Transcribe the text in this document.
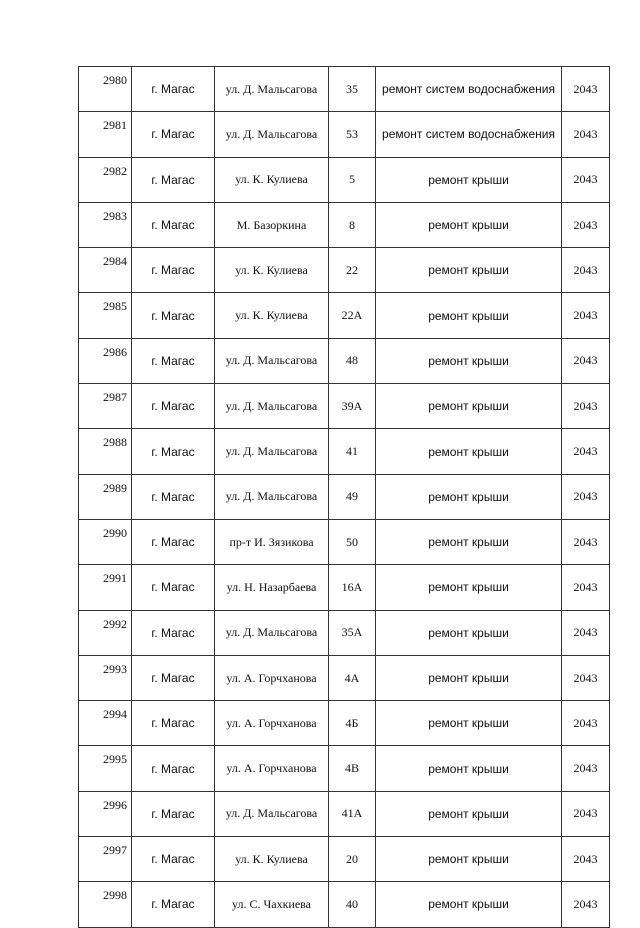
2980	г. Магас	ул. Д. Мальсагова	35	ремонт систем водоснабжения	2043
2981	г. Магас	ул. Д. Мальсагова	53	ремонт систем водоснабжения	2043
2982	г. Магас	ул. К. Кулиева	5	ремонт крыши	2043
2983	г. Магас	М. Базоркина	8	ремонт крыши	2043
2984	г. Магас	ул. К. Кулиева	22	ремонт крыши	2043
2985	г. Магас	ул. К. Кулиева	22А	ремонт крыши	2043
2986	г. Магас	ул. Д. Мальсагова	48	ремонт крыши	2043
2987	г. Магас	ул. Д. Мальсагова	39А	ремонт крыши	2043
2988	г. Магас	ул. Д. Мальсагова	41	ремонт крыши	2043
2989	г. Магас	ул. Д. Мальсагова	49	ремонт крыши	2043
2990	г. Магас	пр-т И. Зязикова	50	ремонт крыши	2043
2991	г. Магас	ул. Н. Назарбаева	16А	ремонт крыши	2043
2992	г. Магас	ул. Д. Мальсагова	35А	ремонт крыши	2043
2993	г. Магас	ул. А. Горчханова	4А	ремонт крыши	2043
2994	г. Магас	ул. А. Горчханова	4Б	ремонт крыши	2043
2995	г. Магас	ул. А. Горчханова	4В	ремонт крыши	2043
2996	г. Магас	ул. Д. Мальсагова	41А	ремонт крыши	2043
2997	г. Магас	ул. К. Кулиева	20	ремонт крыши	2043
2998	г. Магас	ул. С. Чахкиева	40	ремонт крыши	2043
